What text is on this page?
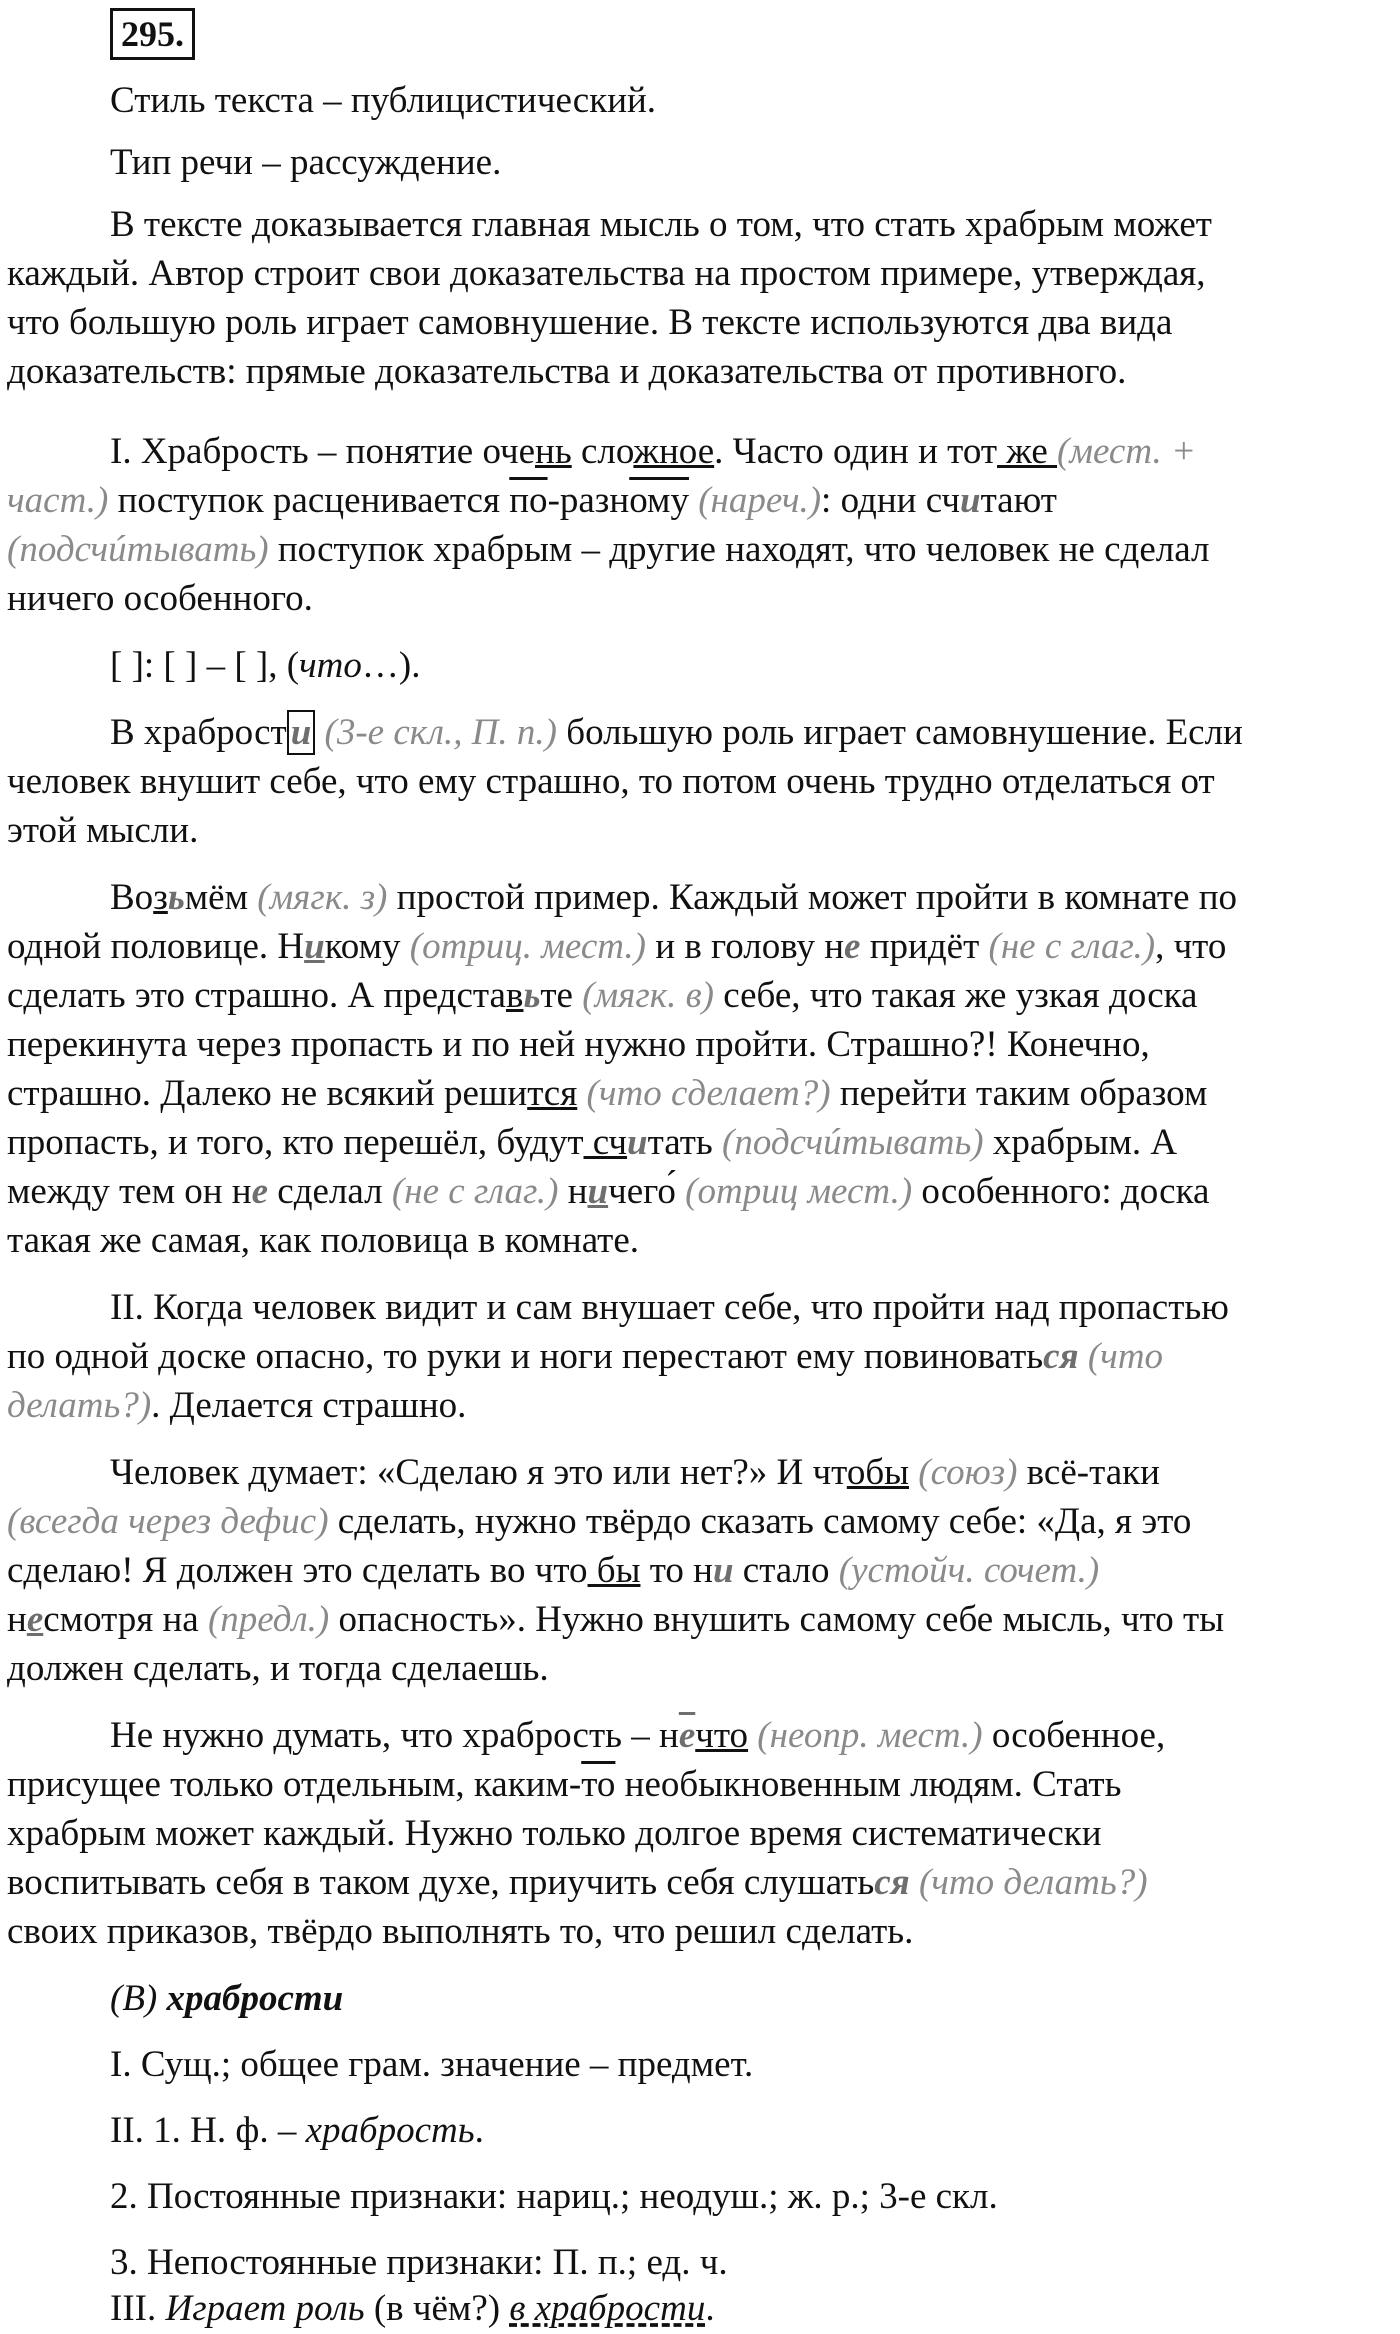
295.
Стиль текста – публицистический.
Тип речи – рассуждение.
В тексте доказывается главная мысль о том, что стать храбрым может
каждый. Автор строит свои доказательства на простом примере, утверждая,
что большую роль играет самовнушение. В тексте используются два вида
доказательств: прямые доказательства и доказательства от противного.
I. Храбрость – понятие очень сложное. Часто один и тот же (мест. +
част.) поступок расценивается по-разному (нареч.): одни считают
(подсчúтывать) поступок храбрым – другие находят, что человек не сделал
ничего особенного.
[ ]: [ ] – [ ], (что…).
В храброст и (3-е скл., П. п.) большую роль играет самовнушение. Если
человек внушит себе, что ему страшно, то потом очень трудно отделаться от
этой мысли.
Возьмём (мягк. з) простой пример. Каждый может пройти в комнате по
одной половице. Никому (отриц. мест.) и в голову не придёт (не с глаг.), что
сделать это страшно. А представьте (мягк. в) себе, что такая же узкая доска
перекинута через пропасть и по ней нужно пройти. Страшно?! Конечно,
страшно. Далеко не всякий решится (что сделает?) перейти таким образом
пропасть, и того, кто перешёл, будут считать (подсчúтывать) храбрым. А
между тем он не сделал (не с глаг.) ничего́ (отриц мест.) особенного: доска
такая же самая, как половица в комнате.
II. Когда человек видит и сам внушает себе, что пройти над пропастью
по одной доске опасно, то руки и ноги перестают ему повиноваться (что
делать?). Делается страшно.
Человек думает: «Сделаю я это или нет?» И чтобы (союз) всё-таки
(всегда через дефис) сделать, нужно твёрдо сказать самому себе: «Да, я это
сделаю! Я должен это сделать во что бы то ни стало (устойч. сочет.)
несмотря на (предл.) опасность». Нужно внушить самому себе мысль, что ты
должен сделать, и тогда сделаешь.
Не нужно думать, что храбрость – нечто (неопр. мест.) особенное,
присущее только отдельным, каким-то необыкновенным людям. Стать
храбрым может каждый. Нужно только долгое время систематически
воспитывать себя в таком духе, приучить себя слушаться (что делать?)
своих приказов, твёрдо выполнять то, что решил сделать.
(В) храбрости
I. Сущ.; общее грам. значение – предмет.
II. 1. Н. ф. – храбрость.
2. Постоянные признаки: нариц.; неодуш.; ж. р.; 3-е скл.
3. Непостоянные признаки: П. п.; ед. ч.
III. Играет роль (в чём?) в храбрости.
